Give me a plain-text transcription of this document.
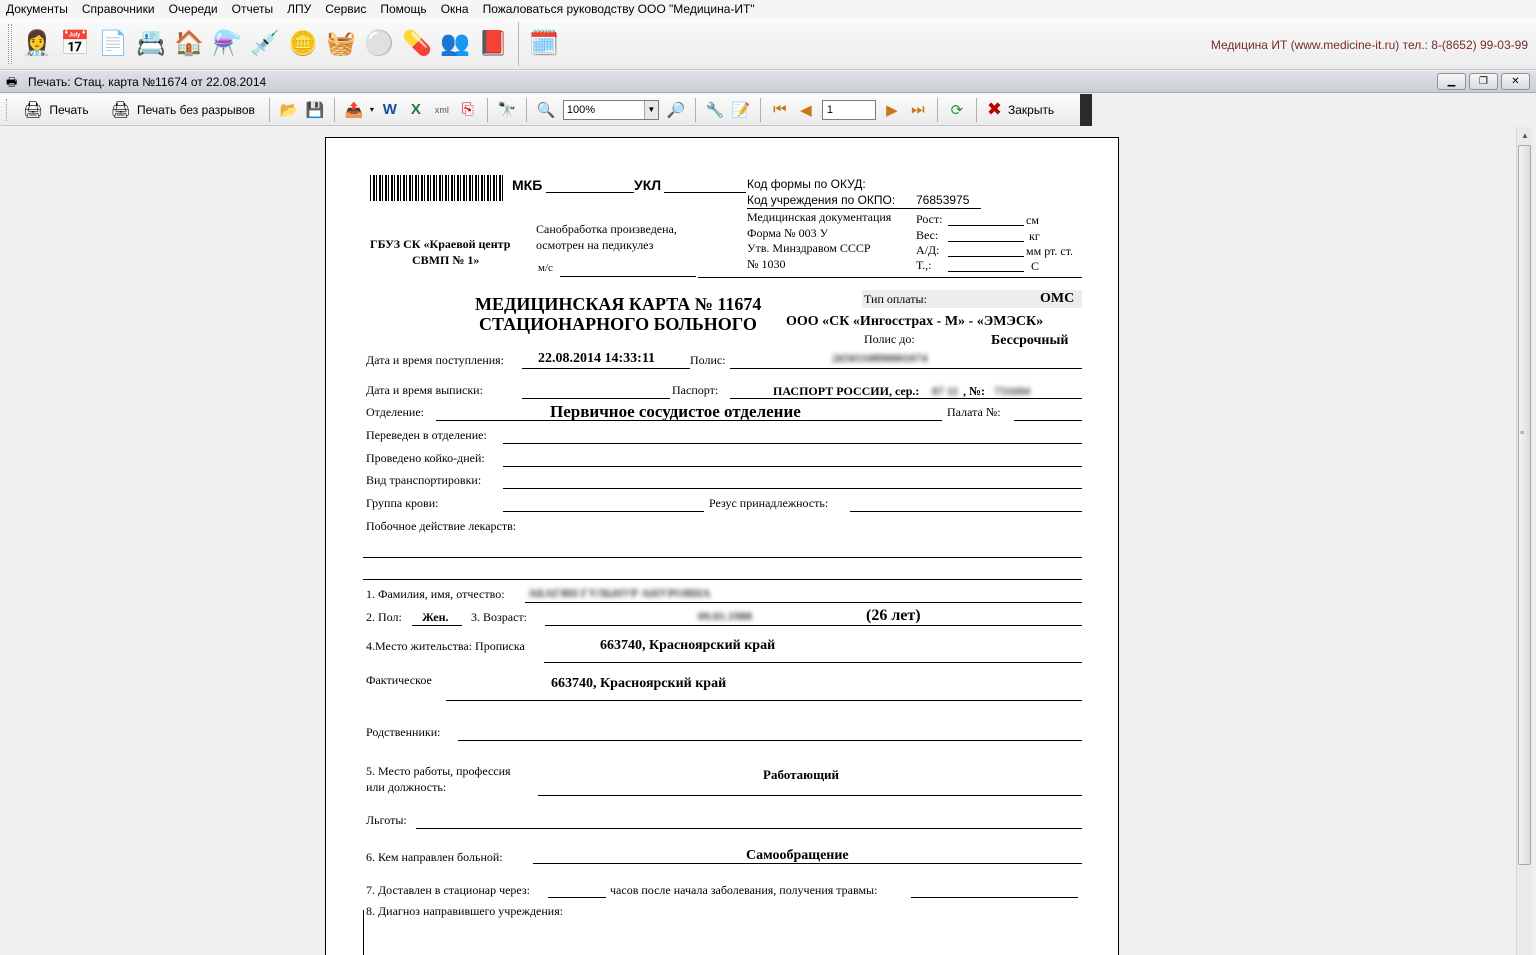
Документы	Справочники	Очереди	Отчеты	ЛПУ	Сервис	Помощь	Окна	Пожаловаться руководству ООО "Медицина-ИТ"
👩‍⚕️ 📅 📄 📇 🏠 ⚗️ 💉 🪙 🧺 ⚪ 💊 👥 📕 🗓️	Медицина ИТ (www.medicine-it.ru) тел.: 8-(8652) 99-03-99
🖶 Печать: Стац. карта №11674 от 22.08.2014	▁	❐	✕
🖨 Печать 🖨 Печать без разрывов 📂 💾 📤 ▾ W X	xml ⎘	🔭 🔍	100%	▼ 🔎 🔧 📝	⏮ ◀	1	▶ ⏭	⟳	✖ Закрыть
▲
≡
МКБ	УКЛ	Код формы по ОКУД:
Код учреждения по ОКПО: 76853975
ГБУЗ СК «Краевой центр
СВМП № 1»
Санобработка произведена,
осмотрен на педикулез
м/с
Медицинская документация
Форма № 003 У
Утв. Минздравом СССР
№ 1030
Рост:	см
Вес:	кг
А/Д:	мм рт. ст.
Т.,:	С
МЕДИЦИНСКАЯ КАРТА № 11674
СТАЦИОНАРНОГО БОЛЬНОГО
Тип оплаты:	ОМС
ООО «СК «Ингосстрах - М» - «ЭМЭСК»
Полис до:	Бессрочный
Дата и время поступления: 22.08.2014 14:33:11	Полис:	2650110890001074
Дата и время выписки:	Паспорт:	ПАСПОРТ РОССИИ, сер.: 07 11 , №: 731694
Отделение:	Первичное сосудистое отделение	Палата №:
Переведен в отделение:
Проведено койко-дней:
Вид транспортировки:
Группа крови:	Резус принадлежность:
Побочное действие лекарств:
1. Фамилия, имя, отчество: АБАГЯН ГУЛЬНУР АНУРОВНА
2. Пол: Жен. 3. Возраст:	09.01.1988	(26 лет)
4.Место жительства: Прописка	663740, Красноярский край
Фактическое	663740, Красноярский край
Родственники:
5. Место работы, профессия
или должность:
Работающий
Льготы:
6. Кем направлен больной:	Самообращение
7. Доставлен в стационар через:	часов после начала заболевания, получения травмы:
8. Диагноз направившего учреждения:
